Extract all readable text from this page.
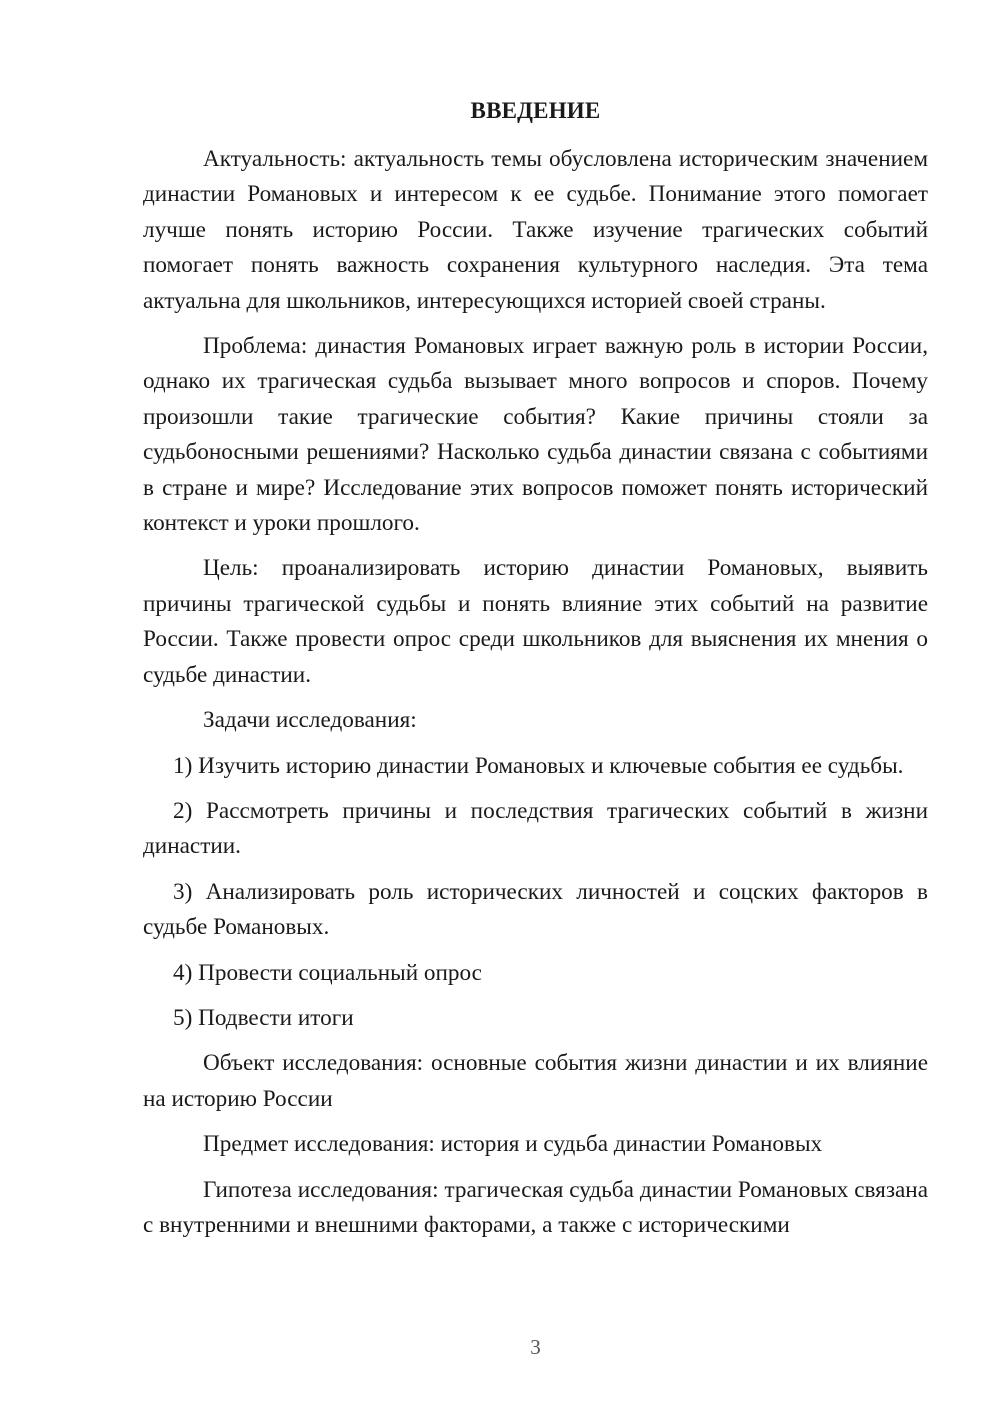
ВВЕДЕНИЕ

Актуальность: актуальность темы обусловлена историческим значением династии Романовых и интересом к ее судьбе. Понимание этого помогает лучше понять историю России. Также изучение трагических событий помогает понять важность сохранения культурного наследия. Эта тема актуальна для школьников, интересующихся историей своей страны.

Проблема: династия Романовых играет важную роль в истории России, однако их трагическая судьба вызывает много вопросов и споров. Почему произошли такие трагические события? Какие причины стояли за судьбоносными решениями? Насколько судьба династии связана с событиями в стране и мире? Исследование этих вопросов поможет понять исторический контекст и уроки прошлого.

Цель: проанализировать историю династии Романовых, выявить причины трагической судьбы и понять влияние этих событий на развитие России. Также провести опрос среди школьников для выяснения их мнения о судьбе династии.

Задачи исследования:

1) Изучить историю династии Романовых и ключевые события ее судьбы.

2) Рассмотреть причины и последствия трагических событий в жизни династии.

3) Анализировать роль исторических личностей и соцских факторов в судьбе Романовых.

4) Провести социальный опрос

5) Подвести итоги

Объект исследования: основные события жизни династии и их влияние на историю России

Предмет исследования: история и судьба династии Романовых

Гипотеза исследования: трагическая судьба династии Романовых связана с внутренними и внешними факторами, а также с историческими

3
